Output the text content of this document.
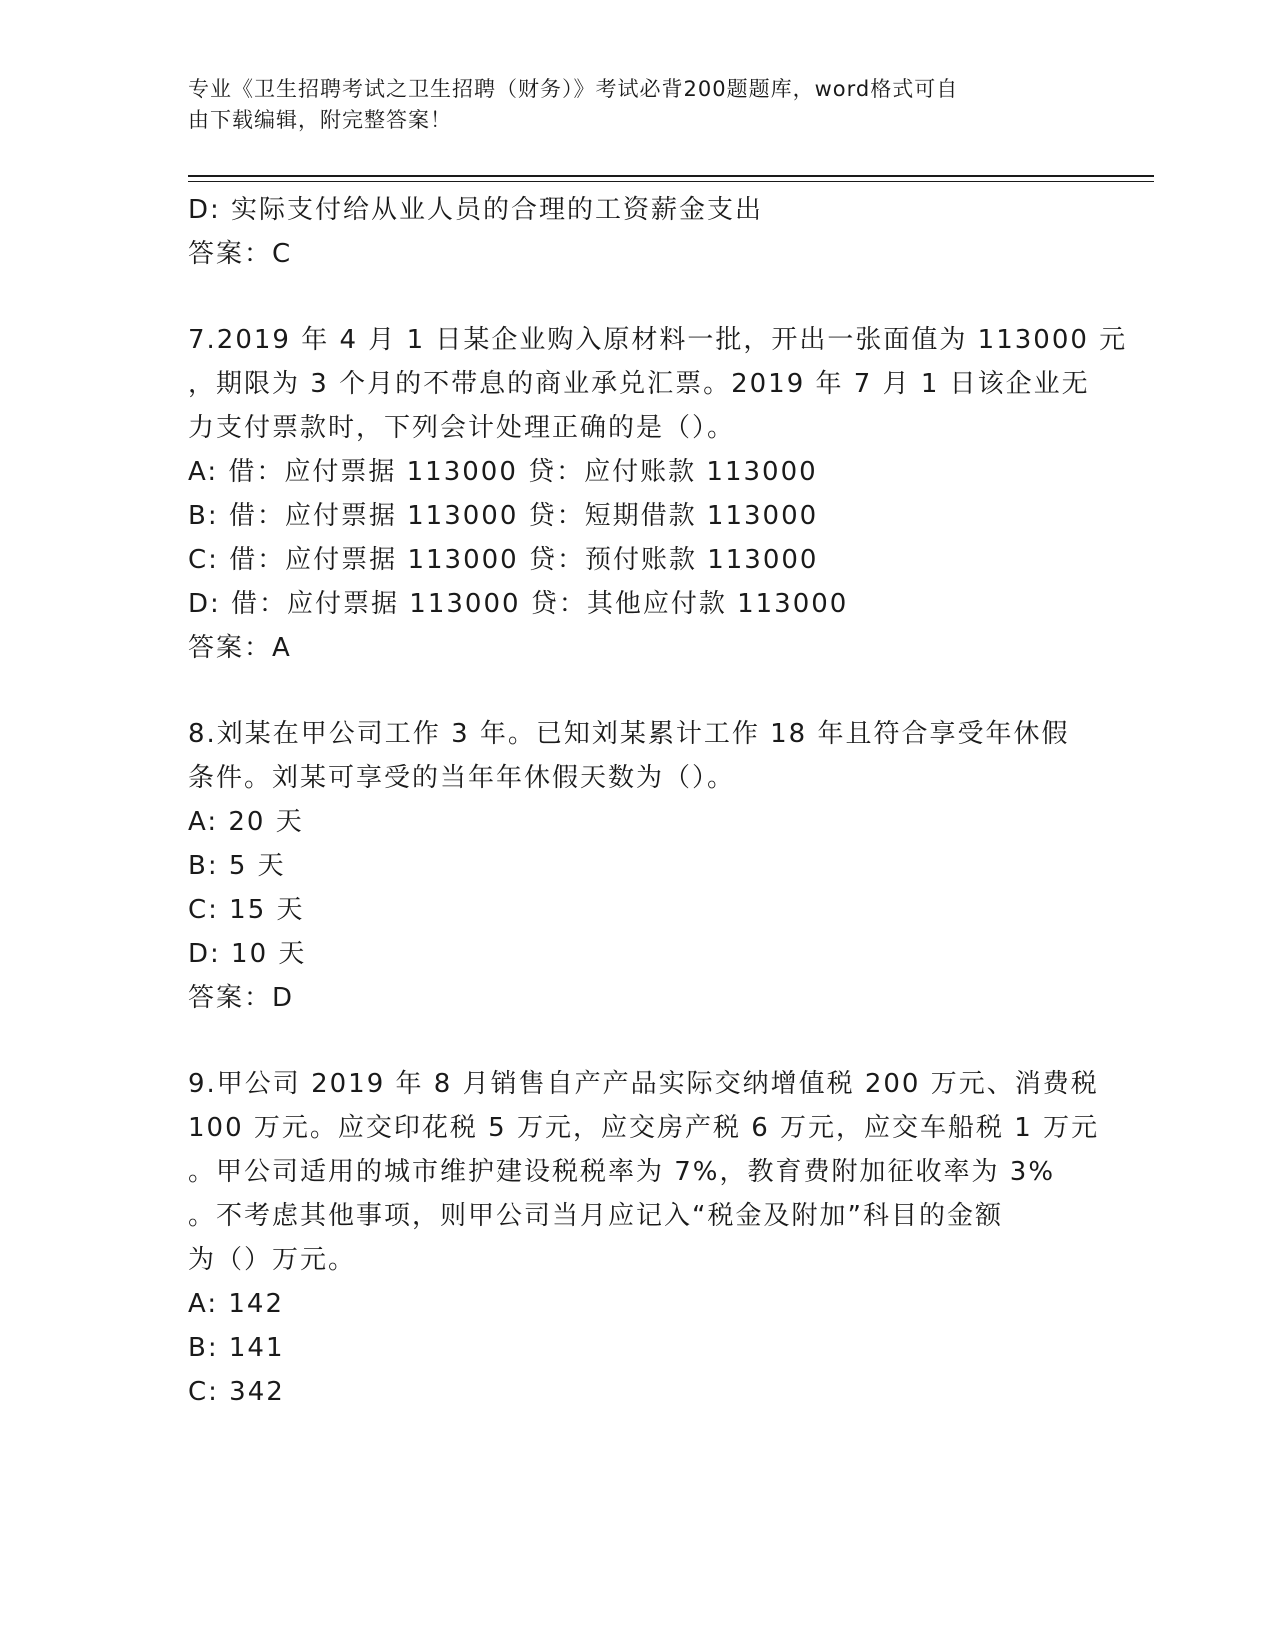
专业《卫生招聘考试之卫生招聘（财务）》考试必背200题题库，word格式可自
由下载编辑，附完整答案！
D: 实际支付给从业人员的合理的工资薪金支出
答案：C
7.2019 年 4 月 1 日某企业购入原材料一批，开出一张面值为 113000 元
，期限为 3 个月的不带息的商业承兑汇票。2019 年 7 月 1 日该企业无
力支付票款时，下列会计处理正确的是（）。
A: 借：应付票据 113000 贷：应付账款 113000
B: 借：应付票据 113000 贷：短期借款 113000
C: 借：应付票据 113000 贷：预付账款 113000
D: 借：应付票据 113000 贷：其他应付款 113000
答案：A
8.刘某在甲公司工作 3 年。已知刘某累计工作 18 年且符合享受年休假
条件。刘某可享受的当年年休假天数为（）。
A: 20 天
B: 5 天
C: 15 天
D: 10 天
答案：D
9.甲公司 2019 年 8 月销售自产产品实际交纳增值税 200 万元、消费税
100 万元。应交印花税 5 万元，应交房产税 6 万元，应交车船税 1 万元
。甲公司适用的城市维护建设税税率为 7%，教育费附加征收率为 3%
。不考虑其他事项，则甲公司当月应记入“税金及附加”科目的金额
为（）万元。
A: 142
B: 141
C: 342
